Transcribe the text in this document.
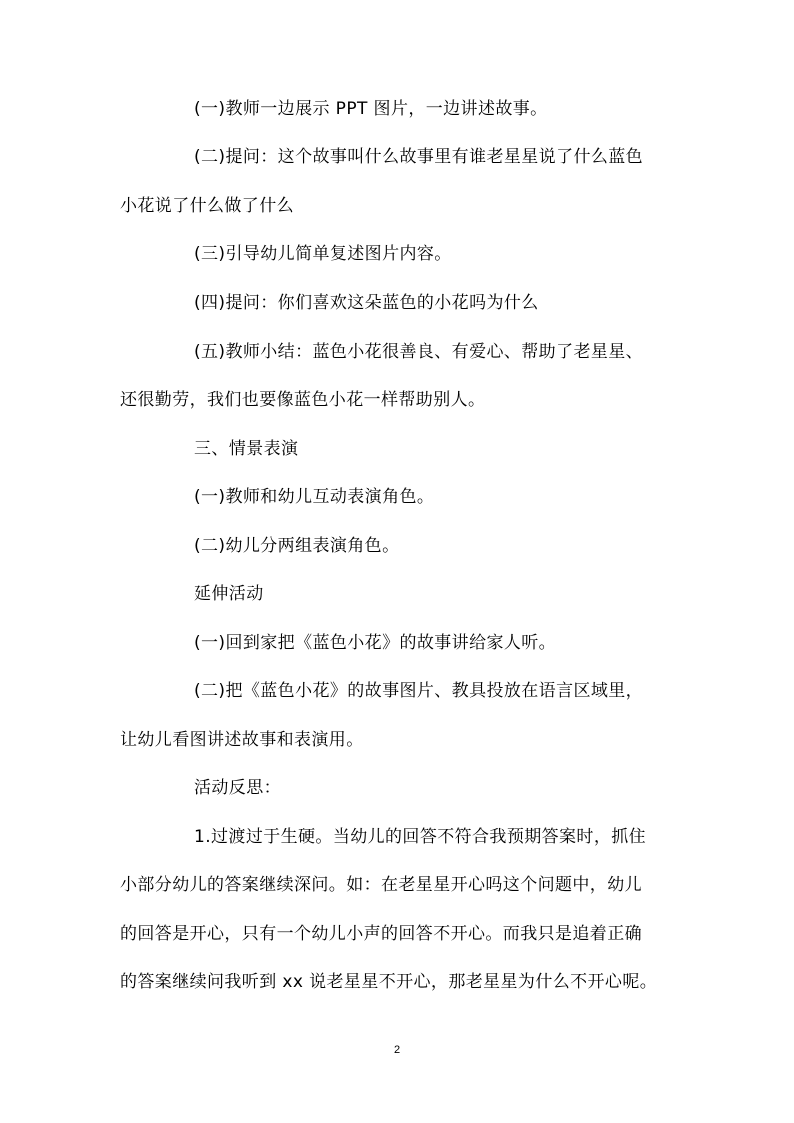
(一)教师一边展示 PPT 图片，一边讲述故事。
(二)提问：这个故事叫什么故事里有谁老星星说了什么蓝色
小花说了什么做了什么
(三)引导幼儿简单复述图片内容。
(四)提问：你们喜欢这朵蓝色的小花吗为什么
(五)教师小结：蓝色小花很善良、有爱心、帮助了老星星、
还很勤劳，我们也要像蓝色小花一样帮助别人。
三、情景表演
(一)教师和幼儿互动表演角色。
(二)幼儿分两组表演角色。
延伸活动
(一)回到家把《蓝色小花》的故事讲给家人听。
(二)把《蓝色小花》的故事图片、教具投放在语言区域里，
让幼儿看图讲述故事和表演用。
活动反思：
1.过渡过于生硬。当幼儿的回答不符合我预期答案时，抓住
小部分幼儿的答案继续深问。如：在老星星开心吗这个问题中，幼儿
的回答是开心，只有一个幼儿小声的回答不开心。而我只是追着正确
的答案继续问我听到 xx 说老星星不开心，那老星星为什么不开心呢。
2
